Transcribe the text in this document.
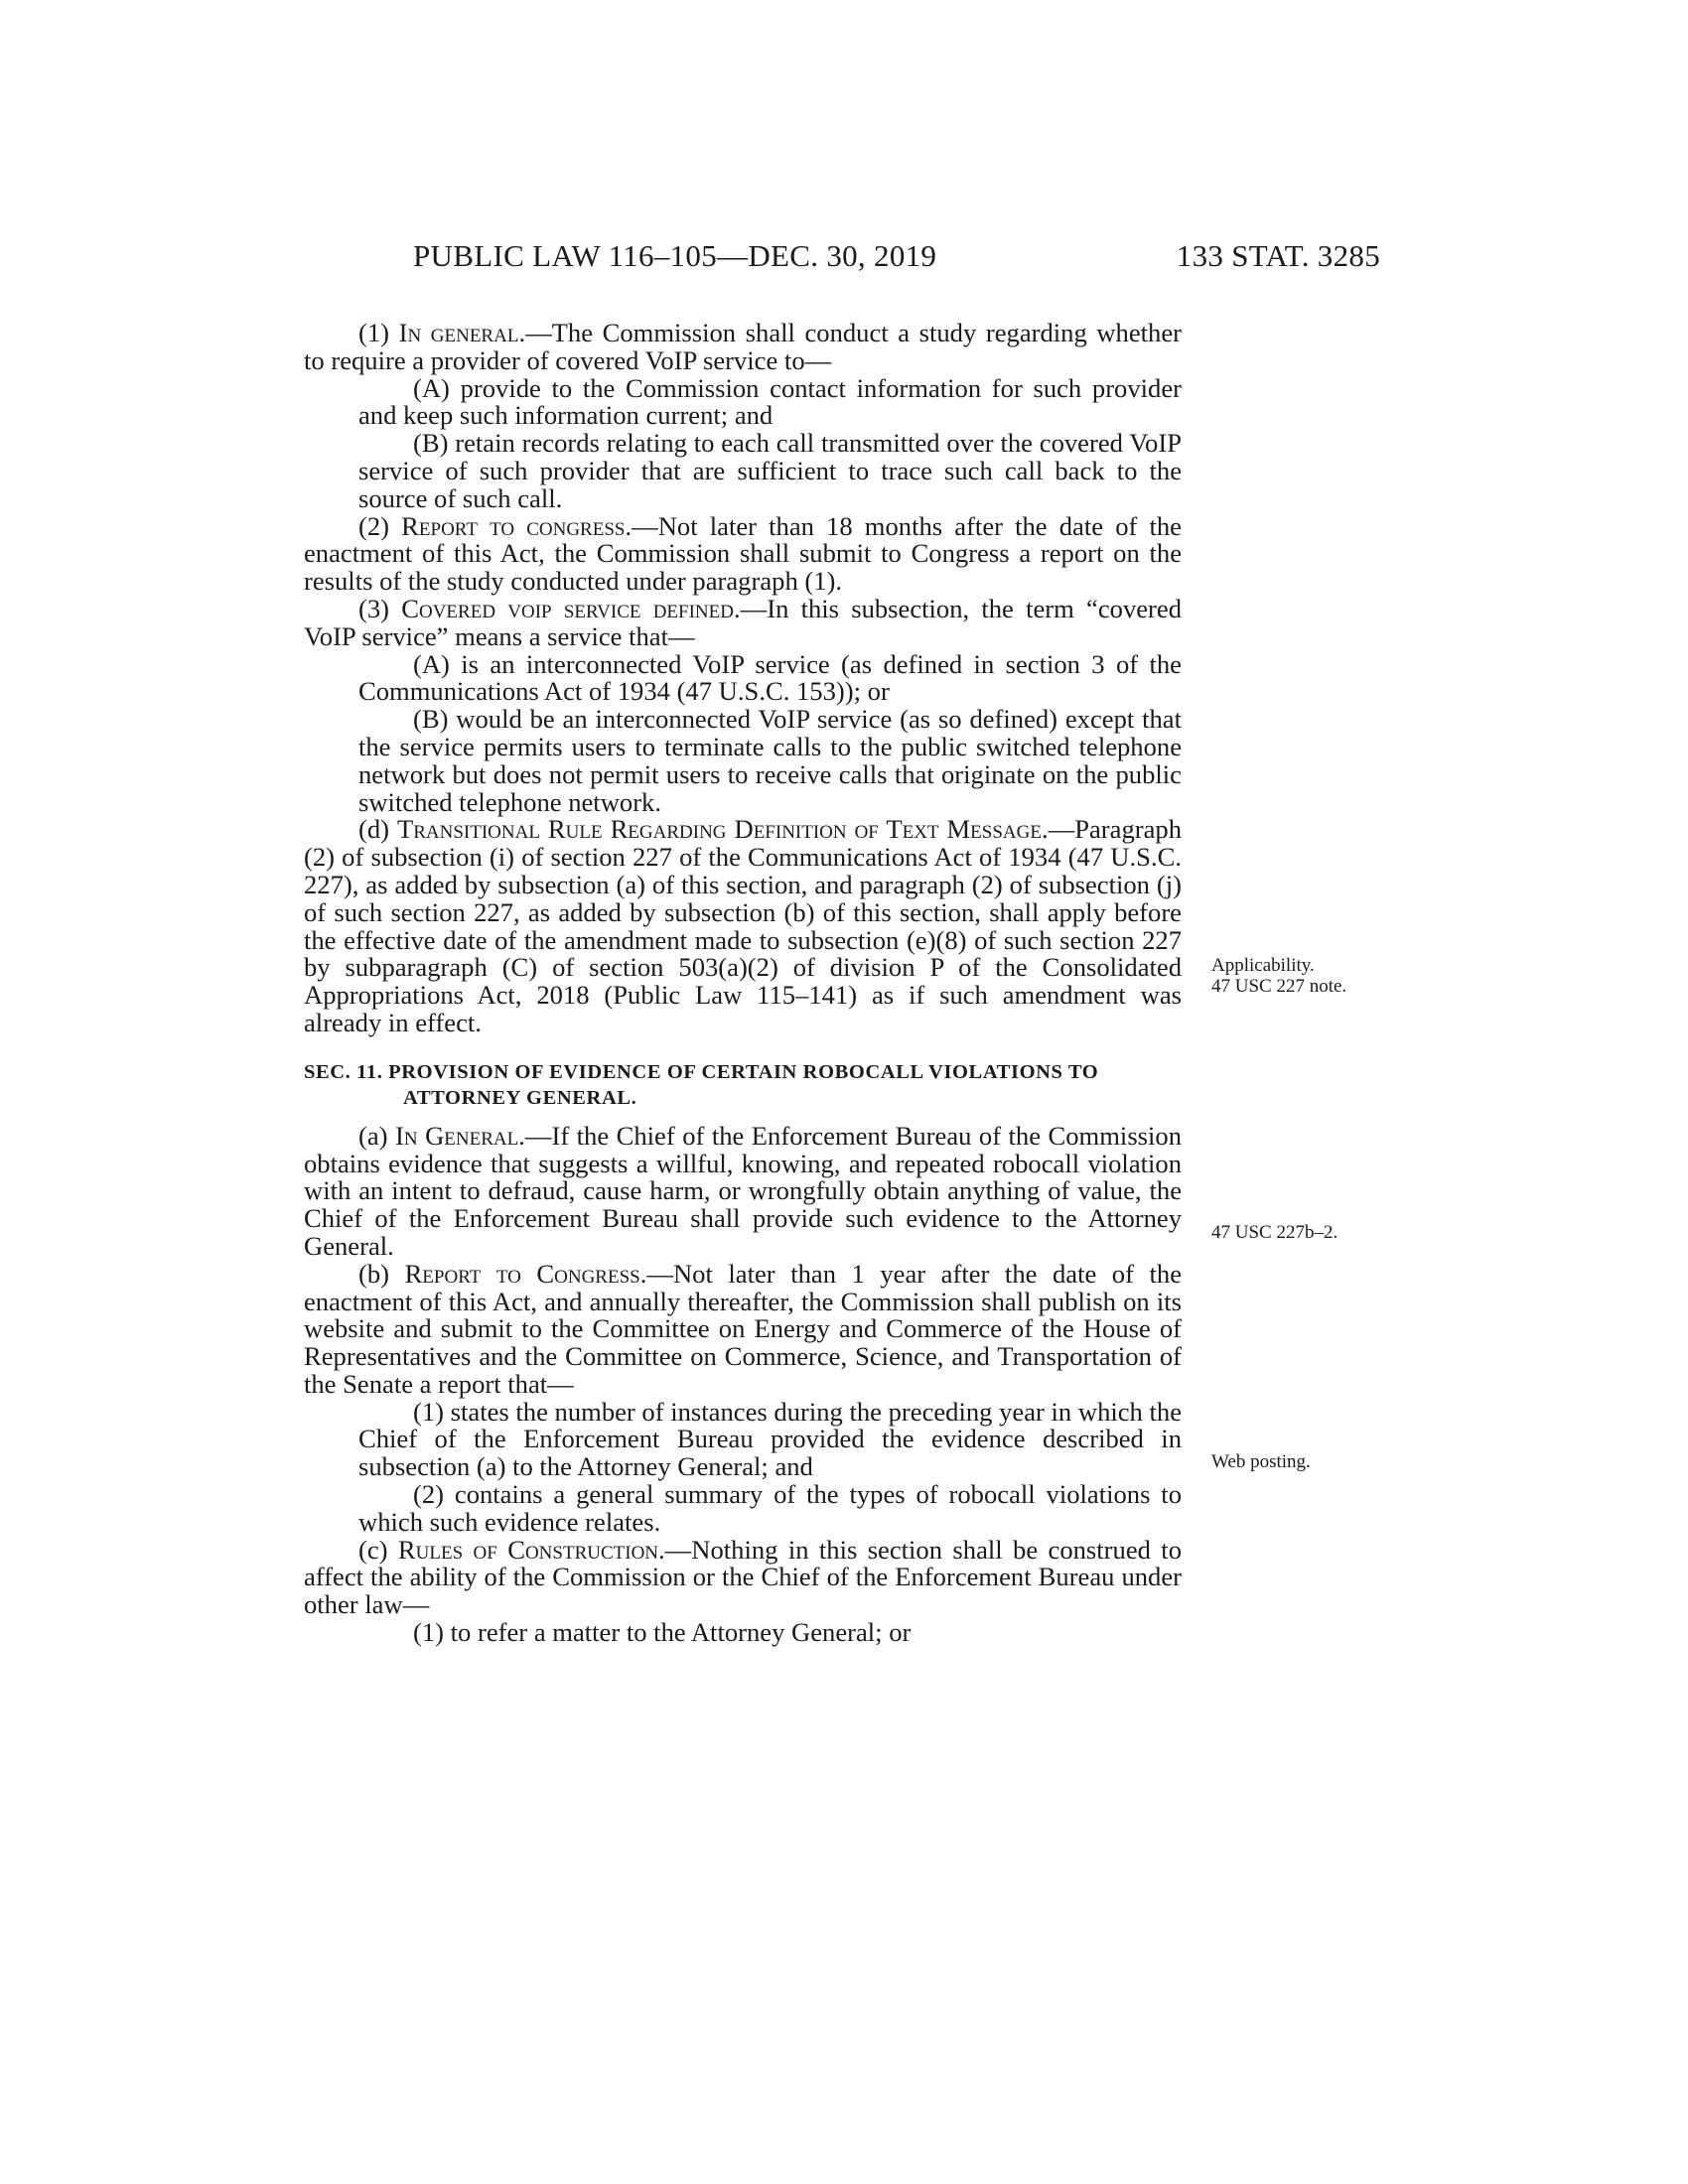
PUBLIC LAW 116–105—DEC. 30, 2019	133 STAT. 3285

(1) In general.—The Commission shall conduct a study regarding whether to require a provider of covered VoIP service to—

(A) provide to the Commission contact information for such provider and keep such information current; and

(B) retain records relating to each call transmitted over the covered VoIP service of such provider that are sufficient to trace such call back to the source of such call.

(2) Report to congress.—Not later than 18 months after the date of the enactment of this Act, the Commission shall submit to Congress a report on the results of the study conducted under paragraph (1).

(3) Covered voip service defined.—In this subsection, the term “covered VoIP service” means a service that—

(A) is an interconnected VoIP service (as defined in section 3 of the Communications Act of 1934 (47 U.S.C. 153)); or

(B) would be an interconnected VoIP service (as so defined) except that the service permits users to terminate calls to the public switched telephone network but does not permit users to receive calls that originate on the public switched telephone network.

(d) Transitional Rule Regarding Definition of Text Message.—Paragraph (2) of subsection (i) of section 227 of the Communications Act of 1934 (47 U.S.C. 227), as added by subsection (a) of this section, and paragraph (2) of subsection (j) of such section 227, as added by subsection (b) of this section, shall apply before the effective date of the amendment made to subsection (e)(8) of such section 227 by subparagraph (C) of section 503(a)(2) of division P of the Consolidated Appropriations Act, 2018 (Public Law 115–141) as if such amendment was already in effect.

SEC. 11. PROVISION OF EVIDENCE OF CERTAIN ROBOCALL VIOLATIONS TO ATTORNEY GENERAL.

(a) In General.—If the Chief of the Enforcement Bureau of the Commission obtains evidence that suggests a willful, knowing, and repeated robocall violation with an intent to defraud, cause harm, or wrongfully obtain anything of value, the Chief of the Enforcement Bureau shall provide such evidence to the Attorney General.

(b) Report to Congress.—Not later than 1 year after the date of the enactment of this Act, and annually thereafter, the Commission shall publish on its website and submit to the Committee on Energy and Commerce of the House of Representatives and the Committee on Commerce, Science, and Transportation of the Senate a report that—

(1) states the number of instances during the preceding year in which the Chief of the Enforcement Bureau provided the evidence described in subsection (a) to the Attorney General; and

(2) contains a general summary of the types of robocall violations to which such evidence relates.

(c) Rules of Construction.—Nothing in this section shall be construed to affect the ability of the Commission or the Chief of the Enforcement Bureau under other law—

(1) to refer a matter to the Attorney General; or

Applicability.
47 USC 227 note.
47 USC 227b–2.
Web posting.
